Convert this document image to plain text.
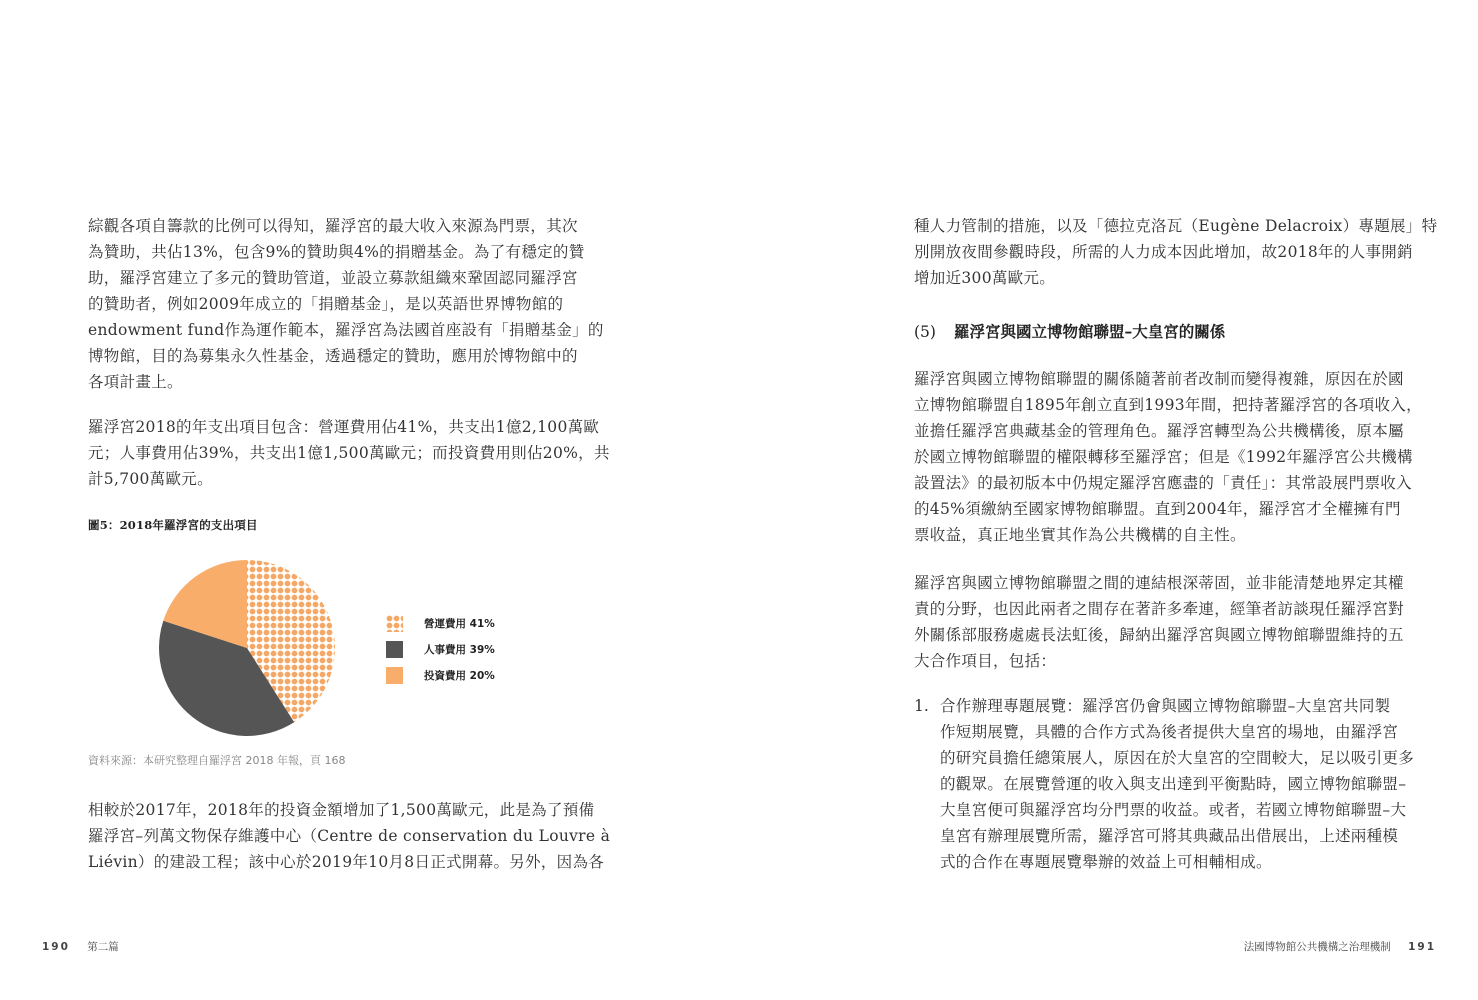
綜觀各項自籌款的比例可以得知，羅浮宮的最大收入來源為門票，其次
為贊助，共佔13%，包含9%的贊助與4%的捐贈基金。為了有穩定的贊
助，羅浮宮建立了多元的贊助管道，並設立募款組織來鞏固認同羅浮宮
的贊助者，例如2009年成立的「捐贈基金」，是以英語世界博物館的
endowment fund作為運作範本，羅浮宮為法國首座設有「捐贈基金」的
博物館，目的為募集永久性基金，透過穩定的贊助，應用於博物館中的
各項計畫上。
羅浮宮2018的年支出項目包含：營運費用佔41%，共支出1億2,100萬歐
元；人事費用佔39%，共支出1億1,500萬歐元；而投資費用則佔20%，共
計5,700萬歐元。

圖5：2018年羅浮宮的支出項目

營運費用 41%
人事費用 39%
投資費用 20%

資料來源：本研究整理自羅浮宮 2018 年報，頁 168

相較於2017年，2018年的投資金額增加了1,500萬歐元，此是為了預備
羅浮宮–列萬文物保存維護中心（Centre de conservation du Louvre à
Liévin）的建設工程；該中心於2019年10月8日正式開幕。另外，因為各
190 第二篇
種人力管制的措施，以及「德拉克洛瓦（Eugène Delacroix）專題展」特
別開放夜間參觀時段，所需的人力成本因此增加，故2018年的人事開銷
增加近300萬歐元。

(5) 羅浮宮與國立博物館聯盟–大皇宮的關係

羅浮宮與國立博物館聯盟的關係隨著前者改制而變得複雜，原因在於國
立博物館聯盟自1895年創立直到1993年間，把持著羅浮宮的各項收入，
並擔任羅浮宮典藏基金的管理角色。羅浮宮轉型為公共機構後，原本屬
於國立博物館聯盟的權限轉移至羅浮宮；但是《1992年羅浮宮公共機構
設置法》的最初版本中仍規定羅浮宮應盡的「責任」：其常設展門票收入
的45%須繳納至國家博物館聯盟。直到2004年，羅浮宮才全權擁有門
票收益，真正地坐實其作為公共機構的自主性。
羅浮宮與國立博物館聯盟之間的連結根深蒂固，並非能清楚地界定其權
責的分野，也因此兩者之間存在著許多牽連，經筆者訪談現任羅浮宮對
外關係部服務處處長法虹後，歸納出羅浮宮與國立博物館聯盟維持的五
大合作項目，包括：
1. 合作辦理專題展覽：羅浮宮仍會與國立博物館聯盟–大皇宮共同製
作短期展覽，具體的合作方式為後者提供大皇宮的場地，由羅浮宮
的研究員擔任總策展人，原因在於大皇宮的空間較大，足以吸引更多
的觀眾。在展覽營運的收入與支出達到平衡點時，國立博物館聯盟–
大皇宮便可與羅浮宮均分門票的收益。或者，若國立博物館聯盟–大
皇宮有辦理展覽所需，羅浮宮可將其典藏品出借展出，上述兩種模
式的合作在專題展覽舉辦的效益上可相輔相成。
法國博物館公共機構之治理機制 191
